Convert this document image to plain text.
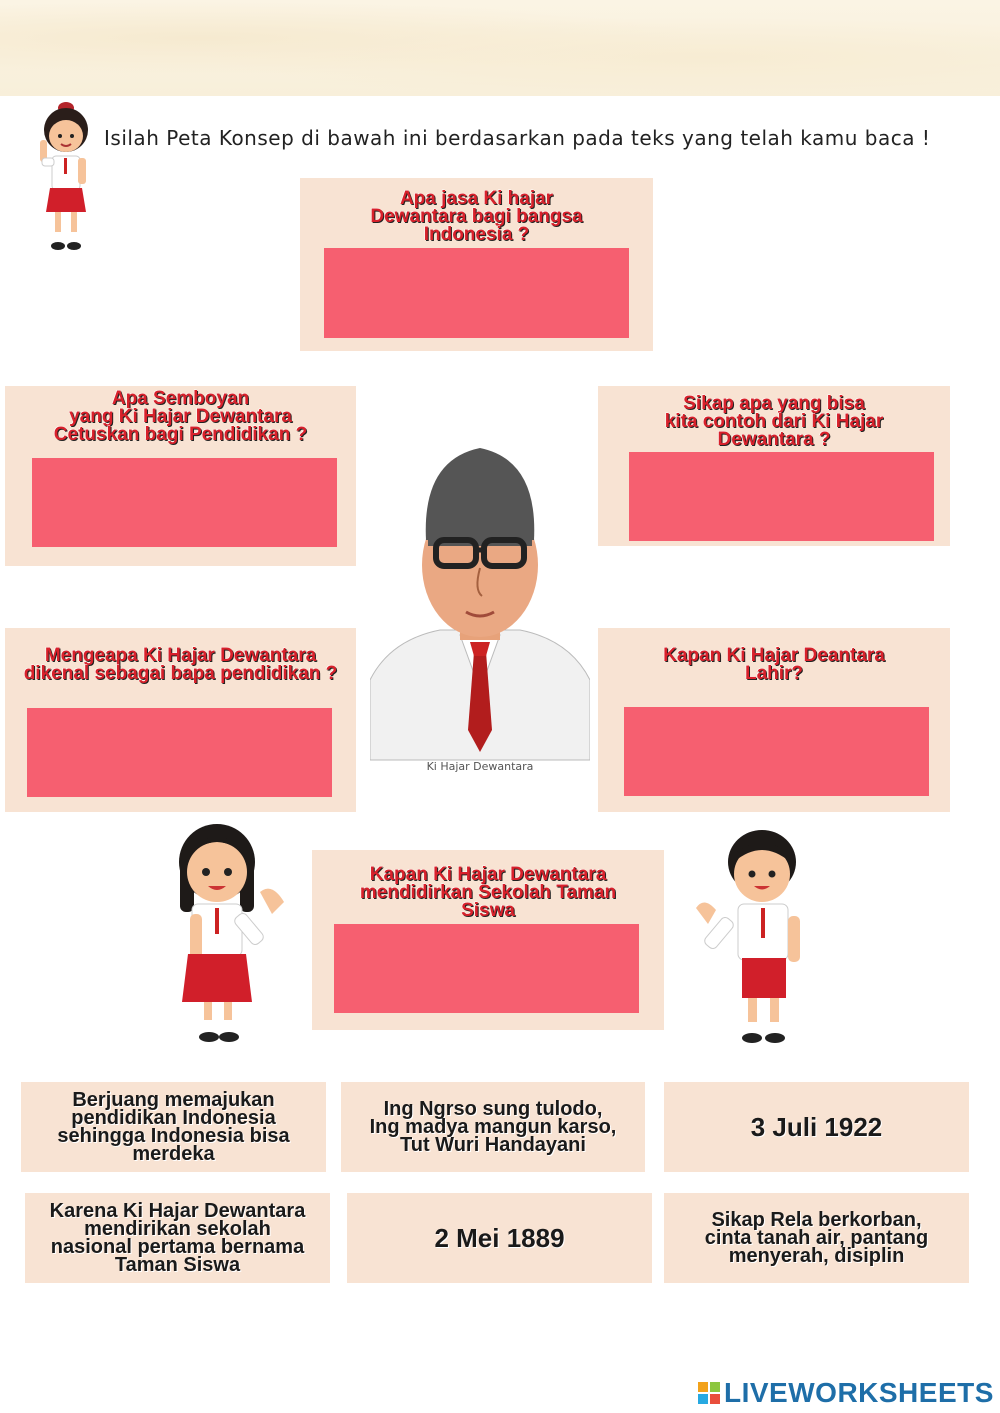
Isilah Peta Konsep di bawah ini berdasarkan pada teks yang telah kamu baca !
Apa jasa Ki hajar
Dewantara bagi bangsa
Indonesia ?
Apa Semboyan
yang Ki Hajar Dewantara
Cetuskan bagi Pendidikan ?
Sikap apa yang bisa
kita contoh dari Ki Hajar
Dewantara ?
Ki Hajar Dewantara
Mengeapa Ki Hajar Dewantara
dikenal sebagai bapa pendidikan ?
Kapan Ki Hajar Deantara
Lahir?
Kapan Ki Hajar Dewantara
mendidirkan Sekolah Taman
Siswa
Berjuang memajukan
pendidikan Indonesia
sehingga Indonesia bisa
merdeka
Ing Ngrso sung tulodo,
Ing madya mangun karso,
Tut Wuri Handayani
3 Juli 1922
Karena Ki Hajar Dewantara
mendirikan sekolah
nasional pertama bernama
Taman Siswa
2 Mei 1889
Sikap Rela berkorban,
cinta tanah air, pantang
menyerah, disiplin
LIVEWORKSHEETS
